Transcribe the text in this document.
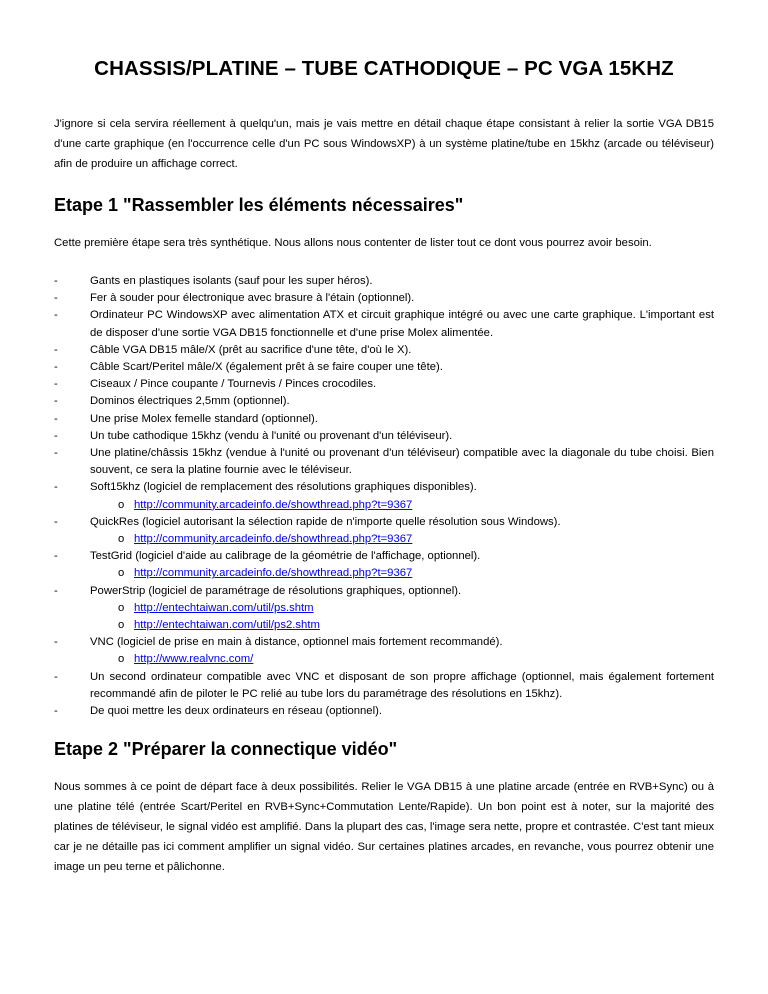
CHASSIS/PLATINE – TUBE CATHODIQUE – PC VGA 15KHZ

J'ignore si cela servira réellement à quelqu'un, mais je vais mettre en détail chaque étape consistant à relier la sortie VGA DB15 d'une carte graphique (en l'occurrence celle d'un PC sous WindowsXP) à un système platine/tube en 15khz (arcade ou téléviseur) afin de produire un affichage correct.

Etape 1 "Rassembler les éléments nécessaires"

Cette première étape sera très synthétique. Nous allons nous contenter de lister tout ce dont vous pourrez avoir besoin.

-	Gants en plastiques isolants (sauf pour les super héros).
-	Fer à souder pour électronique avec brasure à l'étain (optionnel).
-	Ordinateur PC WindowsXP avec alimentation ATX et circuit graphique intégré ou avec une carte graphique. L'important est de disposer d'une sortie VGA DB15 fonctionnelle et d'une prise Molex alimentée.
-	Câble VGA DB15 mâle/X (prêt au sacrifice d'une tête, d'où le X).
-	Câble Scart/Peritel mâle/X (également prêt à se faire couper une tête).
-	Ciseaux / Pince coupante / Tournevis / Pinces crocodiles.
-	Dominos électriques 2,5mm (optionnel).
-	Une prise Molex femelle standard (optionnel).
-	Un tube cathodique 15khz (vendu à l'unité ou provenant d'un téléviseur).
-	Une platine/châssis 15khz (vendue à l'unité ou provenant d'un téléviseur) compatible avec la diagonale du tube choisi. Bien souvent, ce sera la platine fournie avec le téléviseur.
-	Soft15khz (logiciel de remplacement des résolutions graphiques disponibles).
o http://community.arcadeinfo.de/showthread.php?t=9367
-	QuickRes (logiciel autorisant la sélection rapide de n'importe quelle résolution sous Windows).
o http://community.arcadeinfo.de/showthread.php?t=9367
-	TestGrid (logiciel d'aide au calibrage de la géométrie de l'affichage, optionnel).
o http://community.arcadeinfo.de/showthread.php?t=9367
-	PowerStrip (logiciel de paramétrage de résolutions graphiques, optionnel).
o http://entechtaiwan.com/util/ps.shtm
o http://entechtaiwan.com/util/ps2.shtm
-	VNC (logiciel de prise en main à distance, optionnel mais fortement recommandé).
o http://www.realvnc.com/
-	Un second ordinateur compatible avec VNC et disposant de son propre affichage (optionnel, mais également fortement recommandé afin de piloter le PC relié au tube lors du paramétrage des résolutions en 15khz).
-	De quoi mettre les deux ordinateurs en réseau (optionnel).
Etape 2 "Préparer la connectique vidéo"

Nous sommes à ce point de départ face à deux possibilités. Relier le VGA DB15 à une platine arcade (entrée en RVB+Sync) ou à une platine télé (entrée Scart/Peritel en RVB+Sync+Commutation Lente/Rapide). Un bon point est à noter, sur la majorité des platines de téléviseur, le signal vidéo est amplifié. Dans la plupart des cas, l'image sera nette, propre et contrastée. C'est tant mieux car je ne détaille pas ici comment amplifier un signal vidéo. Sur certaines platines arcades, en revanche, vous pourrez obtenir une image un peu terne et pâlichonne.
